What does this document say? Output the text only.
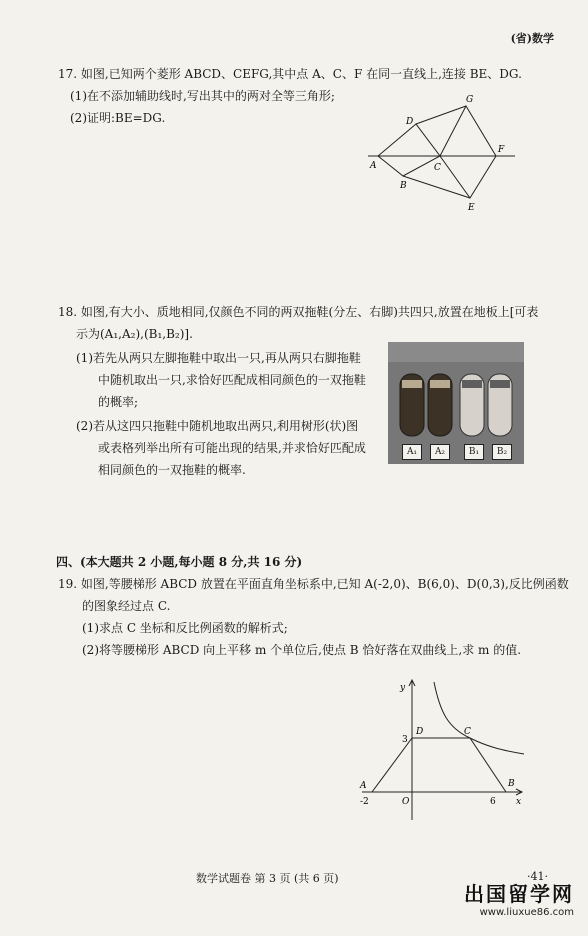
(省)数学
17. 如图,已知两个菱形 ABCD、CEFG,其中点 A、C、F 在同一直线上,连接 BE、DG.
(1)在不添加辅助线时,写出其中的两对全等三角形;
(2)证明:BE=DG.
A
B
C
D
E
F
G
18. 如图,有大小、质地相同,仅颜色不同的两双拖鞋(分左、右脚)共四只,放置在地板上[可表
示为(A₁,A₂),(B₁,B₂)].
(1)若先从两只左脚拖鞋中取出一只,再从两只右脚拖鞋
中随机取出一只,求恰好匹配成相同颜色的一双拖鞋
的概率;
(2)若从这四只拖鞋中随机地取出两只,利用树形(状)图
或表格列举出所有可能出现的结果,并求恰好匹配成
相同颜色的一双拖鞋的概率.
A₁	A₂	B₁	B₂
四、(本大题共 2 小题,每小题 8 分,共 16 分)
19. 如图,等腰梯形 ABCD 放置在平面直角坐标系中,已知 A(-2,0)、B(6,0)、D(0,3),反比例函数
的图象经过点 C.
(1)求点 C 坐标和反比例函数的解析式;
(2)将等腰梯形 ABCD 向上平移 m 个单位后,使点 B 恰好落在双曲线上,求 m 的值.
y
x
O
A	B
C
D
-2	6
3
数学试题卷 第 3 页 (共 6 页)	·41·
出国留学网
www.liuxue86.com
